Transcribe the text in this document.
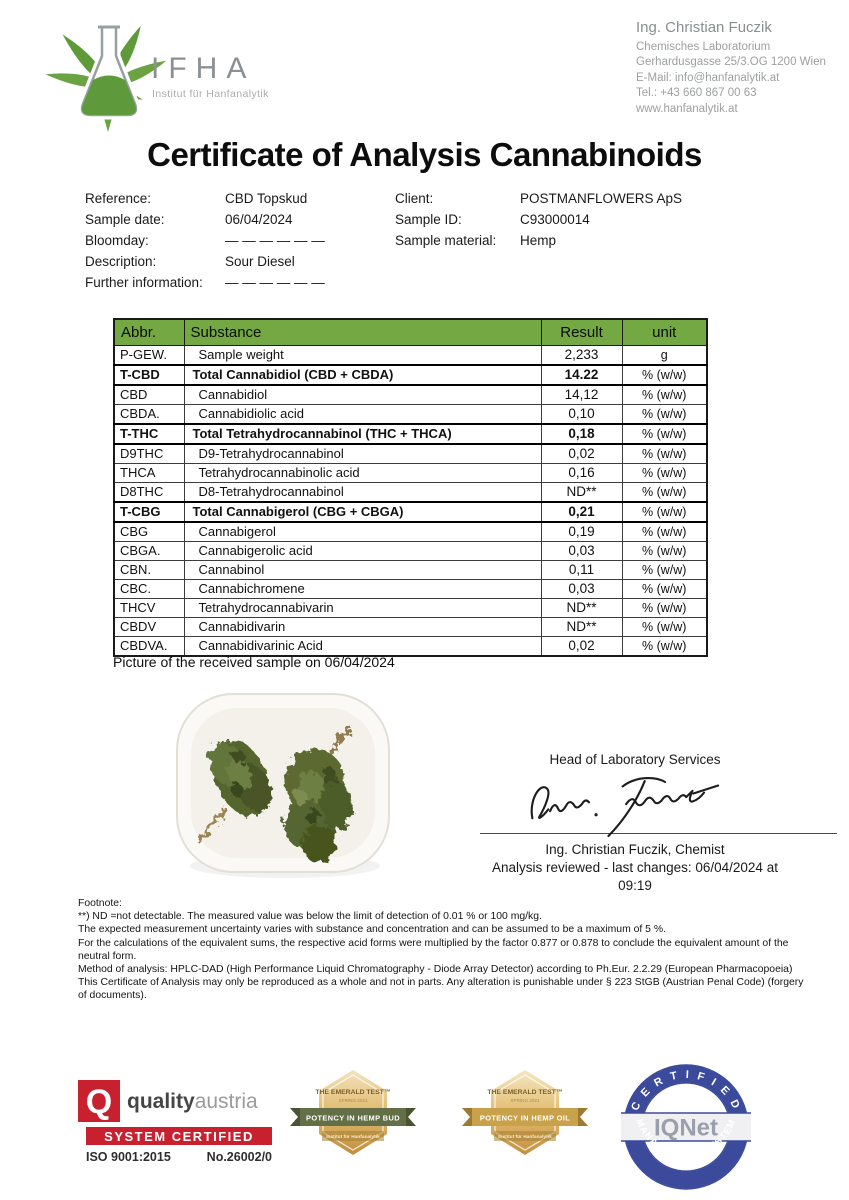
IFHA
Institut für Hanfanalytik
Ing. Christian Fuczik
Chemisches Laboratorium
Gerhardusgasse 25/3.OG 1200 Wien
E-Mail: info@hanfanalytik.at
Tel.: +43 660 867 00 63
www.hanfanalytik.at
Certificate of Analysis Cannabinoids
Reference:	CBD Topskud
Sample date:	06/04/2024
Bloomday:	— — — — — —
Description:	Sour Diesel
Further information:	— — — — — —
Client:	POSTMANFLOWERS ApS
Sample ID:	C93000014
Sample material:	Hemp
Abbr.	Substance	Result	unit
P-GEW.	Sample weight	2,233	g
T-CBD	Total Cannabidiol (CBD + CBDA)	14.22	% (w/w)
CBD	Cannabidiol	14,12	% (w/w)
CBDA.	Cannabidiolic acid	0,10	% (w/w)
T-THC	Total Tetrahydrocannabinol (THC + THCA)	0,18	% (w/w)
D9THC	D9-Tetrahydrocannabinol	0,02	% (w/w)
THCA	Tetrahydrocannabinolic acid	0,16	% (w/w)
D8THC	D8-Tetrahydrocannabinol	ND**	% (w/w)
T-CBG	Total Cannabigerol (CBG + CBGA)	0,21	% (w/w)
CBG	Cannabigerol	0,19	% (w/w)
CBGA.	Cannabigerolic acid	0,03	% (w/w)
CBN.	Cannabinol	0,11	% (w/w)
CBC.	Cannabichromene	0,03	% (w/w)
THCV	Tetrahydrocannabivarin	ND**	% (w/w)
CBDV	Cannabidivarin	ND**	% (w/w)
CBDVA.	Cannabidivarinic Acid	0,02	% (w/w)
Picture of the received sample on 06/04/2024
Head of Laboratory Services
Ing. Christian Fuczik, Chemist
Analysis reviewed - last changes: 06/04/2024 at
09:19

Footnote:

**) ND =not detectable. The measured value was below the limit of detection of 0.01 % or 100 mg/kg.

The expected measurement uncertainty varies with substance and concentration and can be assumed to be a maximum of 5 %.

For the calculations of the equivalent sums, the respective acid forms were multiplied by the factor 0.877 or 0.878 to conclude the equivalent amount of the neutral form.

Method of analysis: HPLC-DAD (High Performance Liquid Chromatography - Diode Array Detector) according to Ph.Eur. 2.2.29 (European Pharmacopoeia)

This Certificate of Analysis may only be reproduced as a whole and not in parts. Any alteration is punishable under § 223 StGB (Austrian Penal Code) (forgery of documents).

Q qualityaustria
SYSTEM CERTIFIED
ISO 9001:2015	No.26002/0
THE EMERALD TEST™
SPRING 2021
POTENCY IN HEMP BUD
Institut für Hanfanalytik
THE EMERALD TEST™
SPRING 2021
POTENCY IN HEMP OIL
Institut für Hanfanalytik
C E R T I F I E D
MANAGEMENT SYSTEM
IQNet
